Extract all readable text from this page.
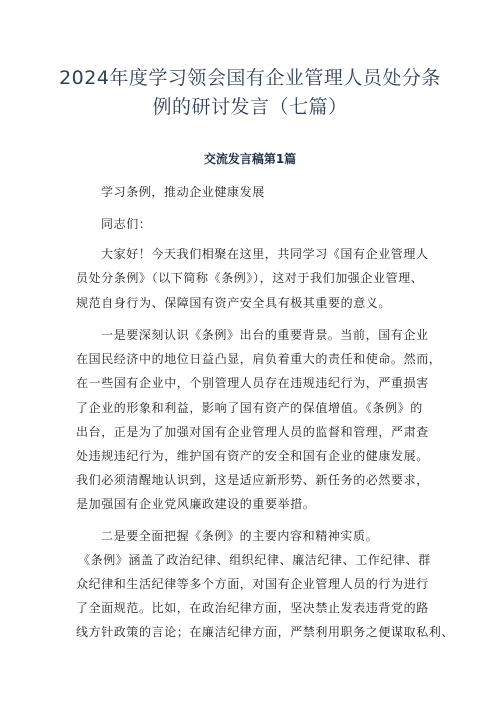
2024年度学习领会国有企业管理人员处分条
例的研讨发言（七篇）
交流发言稿第1篇
学习条例，推动企业健康发展
同志们：
大家好！今天我们相聚在这里，共同学习《国有企业管理人
员处分条例》（以下简称《条例》），这对于我们加强企业管理、
规范自身行为、保障国有资产安全具有极其重要的意义。
一是要深刻认识《条例》出台的重要背景。当前，国有企业
在国民经济中的地位日益凸显，肩负着重大的责任和使命。然而，
在一些国有企业中，个别管理人员存在违规违纪行为，严重损害
了企业的形象和利益，影响了国有资产的保值增值。《条例》的
出台，正是为了加强对国有企业管理人员的监督和管理，严肃查
处违规违纪行为，维护国有资产的安全和国有企业的健康发展。
我们必须清醒地认识到，这是适应新形势、新任务的必然要求，
是加强国有企业党风廉政建设的重要举措。
二是要全面把握《条例》的主要内容和精神实质。
《条例》涵盖了政治纪律、组织纪律、廉洁纪律、工作纪律、群
众纪律和生活纪律等多个方面，对国有企业管理人员的行为进行
了全面规范。比如，在政治纪律方面，坚决禁止发表违背党的路
线方针政策的言论；在廉洁纪律方面，严禁利用职务之便谋取私利、
